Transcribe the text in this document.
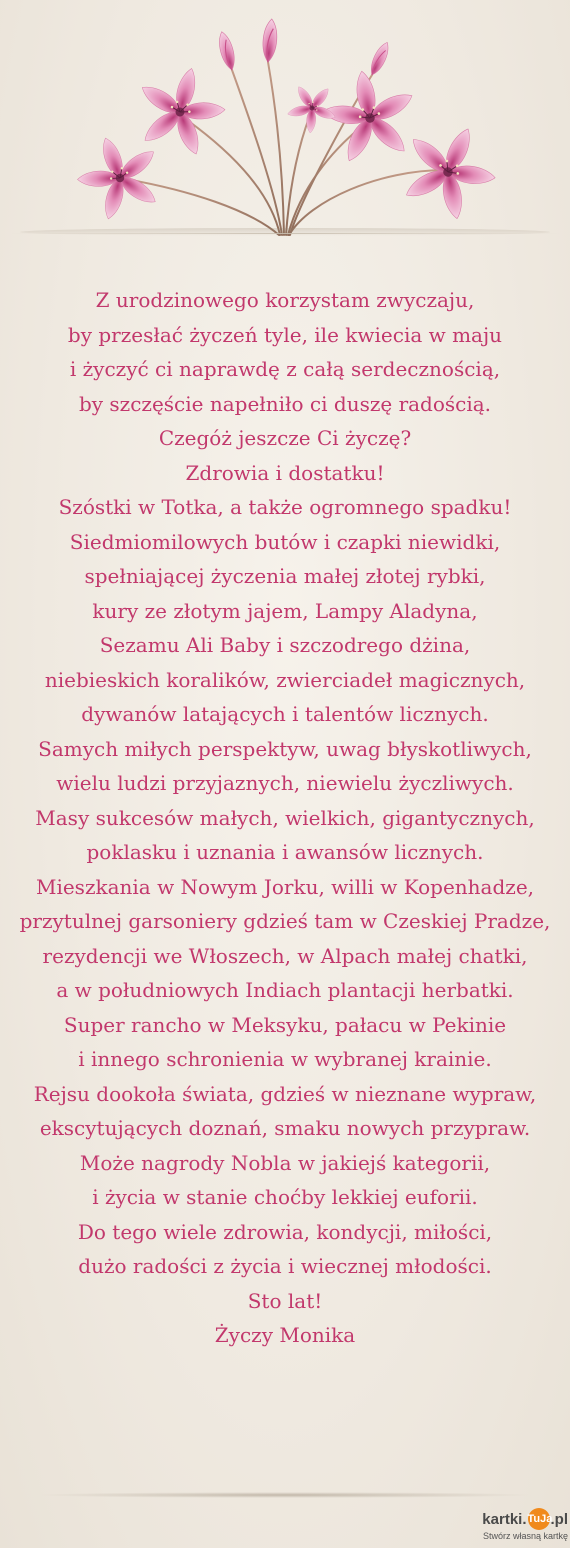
Z urodzinowego korzystam zwyczaju,
by przesłać życzeń tyle, ile kwiecia w maju
i życzyć ci naprawdę z całą serdecznością,
by szczęście napełniło ci duszę radością.
Czegóż jeszcze Ci życzę?
Zdrowia i dostatku!
Szóstki w Totka, a także ogromnego spadku!
Siedmiomilowych butów i czapki niewidki,
spełniającej życzenia małej złotej rybki,
kury ze złotym jajem, Lampy Aladyna,
Sezamu Ali Baby i szczodrego dżina,
niebieskich koralików, zwierciadeł magicznych,
dywanów latających i talentów licznych.
Samych miłych perspektyw, uwag błyskotliwych,
wielu ludzi przyjaznych, niewielu życzliwych.
Masy sukcesów małych, wielkich, gigantycznych,
poklasku i uznania i awansów licznych.
Mieszkania w Nowym Jorku, willi w Kopenhadze,
przytulnej garsoniery gdzieś tam w Czeskiej Pradze,
rezydencji we Włoszech, w Alpach małej chatki,
a w południowych Indiach plantacji herbatki.
Super rancho w Meksyku, pałacu w Pekinie
i innego schronienia w wybranej krainie.
Rejsu dookoła świata, gdzieś w nieznane wypraw,
ekscytujących doznań, smaku nowych przypraw.
Może nagrody Nobla w jakiejś kategorii,
i życia w stanie choćby lekkiej euforii.
Do tego wiele zdrowia, kondycji, miłości,
dużo radości z życia i wiecznej młodości.
Sto lat!
Życzy Monika
kartki. TuJa
.pl
Stwórz własną kartkę
